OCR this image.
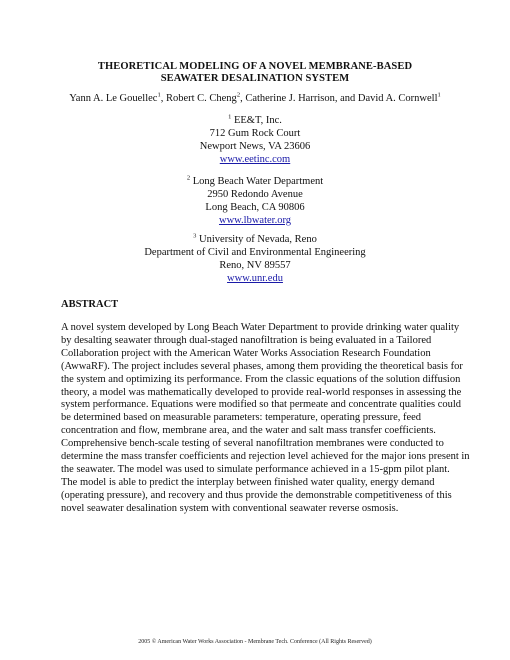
THEORETICAL MODELING OF A NOVEL MEMBRANE-BASED
SEAWATER DESALINATION SYSTEM
Yann A. Le Gouellec$^1$, Robert C. Cheng$^2$, Catherine J. Harrison, and David A. Cornwell$^1$
$^1$ EE&T, Inc.
712 Gum Rock Court
Newport News, VA 23606
www.eetinc.com
$^2$ Long Beach Water Department
2950 Redondo Avenue
Long Beach, CA 90806
www.lbwater.org
$^3$ University of Nevada, Reno
Department of Civil and Environmental Engineering
Reno, NV 89557
www.unr.edu
ABSTRACT
A novel system developed by Long Beach Water Department to provide drinking water quality
by desalting seawater through dual-staged nanofiltration is being evaluated in a Tailored
Collaboration project with the American Water Works Association Research Foundation
(AwwaRF). The project includes several phases, among them providing the theoretical basis for
the system and optimizing its performance. From the classic equations of the solution diffusion
theory, a model was mathematically developed to provide real-world responses in assessing the
system performance. Equations were modified so that permeate and concentrate qualities could
be determined based on measurable parameters: temperature, operating pressure, feed
concentration and flow, membrane area, and the water and salt mass transfer coefficients.
Comprehensive bench-scale testing of several nanofiltration membranes were conducted to
determine the mass transfer coefficients and rejection level achieved for the major ions present in
the seawater. The model was used to simulate performance achieved in a 15-gpm pilot plant.
The model is able to predict the interplay between finished water quality, energy demand
(operating pressure), and recovery and thus provide the demonstrable competitiveness of this
novel seawater desalination system with conventional seawater reverse osmosis.
2005 © American Water Works Association - Membrane Tech. Conference (All Rights Reserved)
